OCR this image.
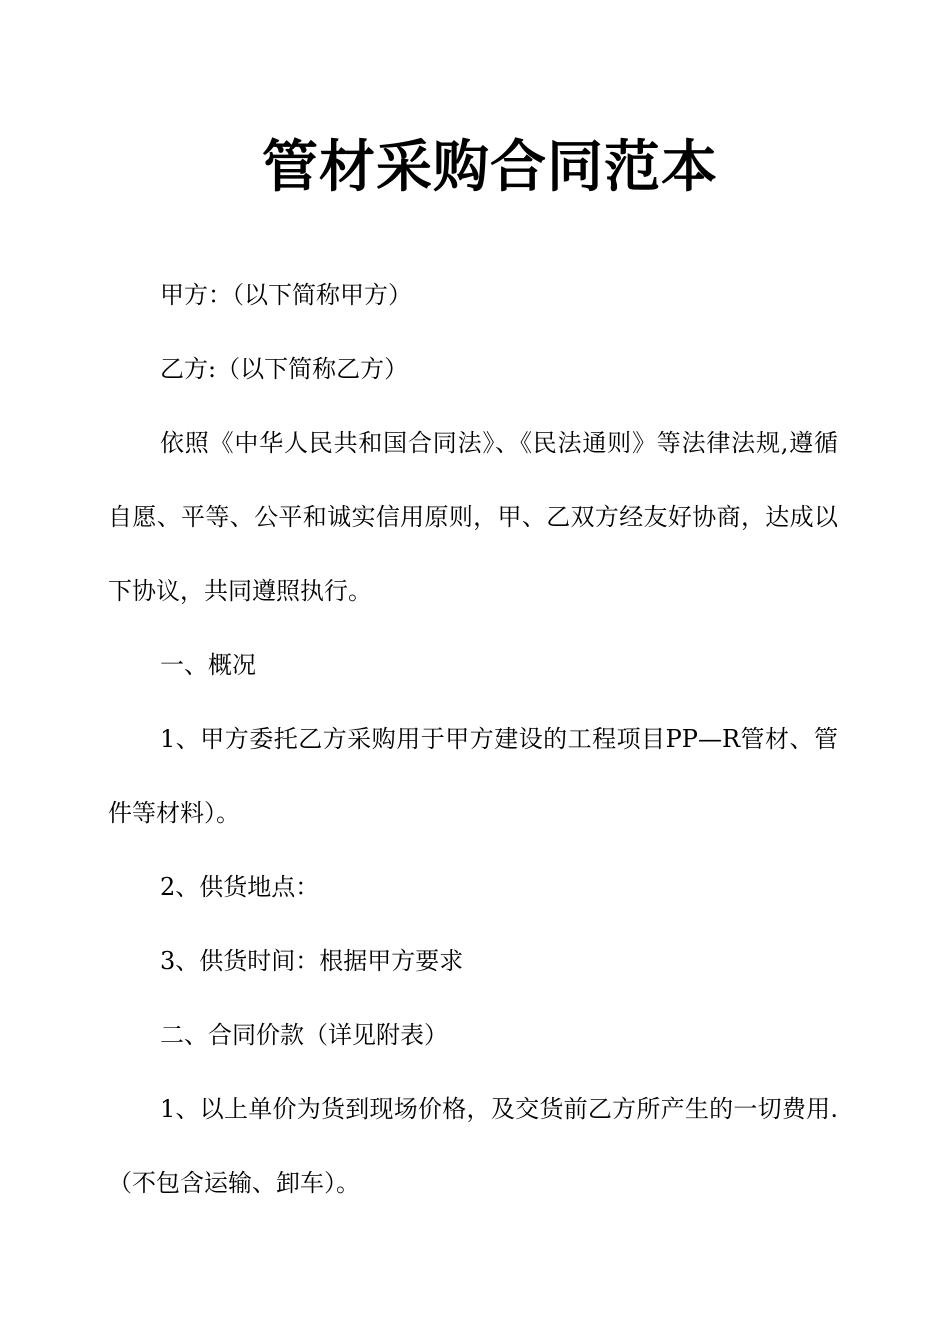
管材采购合同范本

甲方：（以下简称甲方）

乙方:（以下简称乙方）

依照《中华人民共和国合同法》、《民法通则》等法律法规,遵循自愿、平等、公平和诚实信用原则，甲、乙双方经友好协商，达成以下协议，共同遵照执行。

一、概况

1、甲方委托乙方采购用于甲方建设的工程项目PP—R管材、管件等材料）。

2、供货地点：

3、供货时间：根据甲方要求

二、合同价款（详见附表）

1、以上单价为货到现场价格，及交货前乙方所产生的一切费用.（不包含运输、卸车）。
